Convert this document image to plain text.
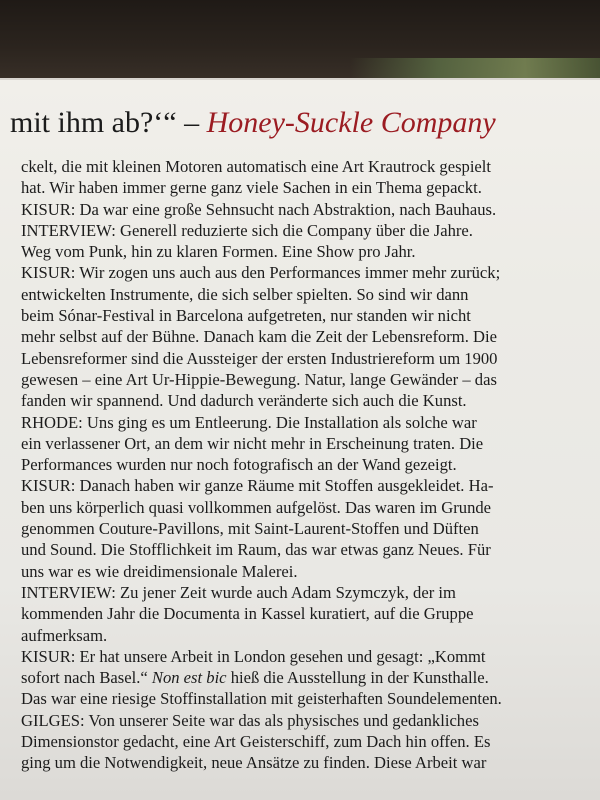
mit ihm ab?‘“ – Honey-Suckle Company
ckelt, die mit kleinen Motoren automatisch eine Art Krautrock gespielt
hat. Wir haben immer gerne ganz viele Sachen in ein Thema gepackt.
KISUR: Da war eine große Sehnsucht nach Abstraktion, nach Bauhaus.
INTERVIEW: Generell reduzierte sich die Company über die Jahre.
Weg vom Punk, hin zu klaren Formen. Eine Show pro Jahr.
KISUR: Wir zogen uns auch aus den Performances immer mehr zurück;
entwickelten Instrumente, die sich selber spielten. So sind wir dann
beim Sónar-Festival in Barcelona aufgetreten, nur standen wir nicht
mehr selbst auf der Bühne. Danach kam die Zeit der Lebensreform. Die
Lebensreformer sind die Aussteiger der ersten Industriereform um 1900
gewesen – eine Art Ur-Hippie-Bewegung. Natur, lange Gewänder – das
fanden wir spannend. Und dadurch veränderte sich auch die Kunst.
RHODE: Uns ging es um Entleerung. Die Installation als solche war
ein verlassener Ort, an dem wir nicht mehr in Erscheinung traten. Die
Performances wurden nur noch fotografisch an der Wand gezeigt.
KISUR: Danach haben wir ganze Räume mit Stoffen ausgekleidet. Ha-
ben uns körperlich quasi vollkommen aufgelöst. Das waren im Grunde
genommen Couture-Pavillons, mit Saint-Laurent-Stoffen und Düften
und Sound. Die Stofflichkeit im Raum, das war etwas ganz Neues. Für
uns war es wie dreidimensionale Malerei.
INTERVIEW: Zu jener Zeit wurde auch Adam Szymczyk, der im
kommenden Jahr die Documenta in Kassel kuratiert, auf die Gruppe
aufmerksam.
KISUR: Er hat unsere Arbeit in London gesehen und gesagt: „Kommt
sofort nach Basel.“ Non est bic hieß die Ausstellung in der Kunsthalle.
Das war eine riesige Stoffinstallation mit geisterhaften Soundelementen.
GILGES: Von unserer Seite war das als physisches und gedankliches
Dimensionstor gedacht, eine Art Geisterschiff, zum Dach hin offen. Es
ging um die Notwendigkeit, neue Ansätze zu finden. Diese Arbeit war
